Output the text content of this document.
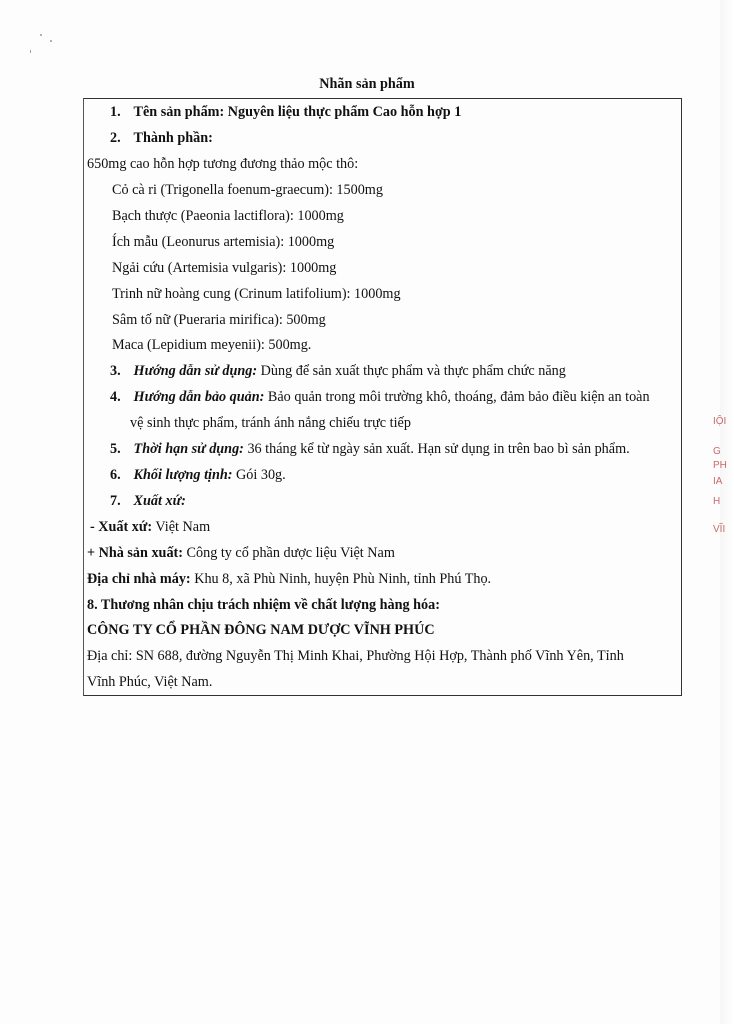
Nhãn sản phẩm
1. Tên sản phẩm: Nguyên liệu thực phẩm Cao hỗn hợp 1
2. Thành phần:
650mg cao hỗn hợp tương đương thảo mộc thô:
Cỏ cà ri (Trigonella foenum-graecum): 1500mg
Bạch thược (Paeonia lactiflora): 1000mg
Ích mẫu (Leonurus artemisia): 1000mg
Ngải cứu (Artemisia vulgaris): 1000mg
Trinh nữ hoàng cung (Crinum latifolium): 1000mg
Sâm tố nữ (Pueraria mirifica): 500mg
Maca (Lepidium meyenii): 500mg.
3. Hướng dẫn sử dụng: Dùng để sản xuất thực phẩm và thực phẩm chức năng
4. Hướng dẫn bảo quản: Bảo quản trong môi trường khô, thoáng, đảm bảo điều kiện an toàn
vệ sinh thực phẩm, tránh ánh nắng chiếu trực tiếp
5. Thời hạn sử dụng: 36 tháng kể từ ngày sản xuất. Hạn sử dụng in trên bao bì sản phẩm.
6. Khối lượng tịnh: Gói 30g.
7. Xuất xứ:
- Xuất xứ: Việt Nam
+ Nhà sản xuất: Công ty cổ phần dược liệu Việt Nam
Địa chỉ nhà máy: Khu 8, xã Phù Ninh, huyện Phù Ninh, tỉnh Phú Thọ.
8. Thương nhân chịu trách nhiệm về chất lượng hàng hóa:
CÔNG TY CỔ PHẦN ĐÔNG NAM DƯỢC VĨNH PHÚC
Địa chỉ: SN 688, đường Nguyễn Thị Minh Khai, Phường Hội Hợp, Thành phố Vĩnh Yên, Tỉnh
Vĩnh Phúc, Việt Nam.
IỘI
G
PH
IA
H
VĨI
